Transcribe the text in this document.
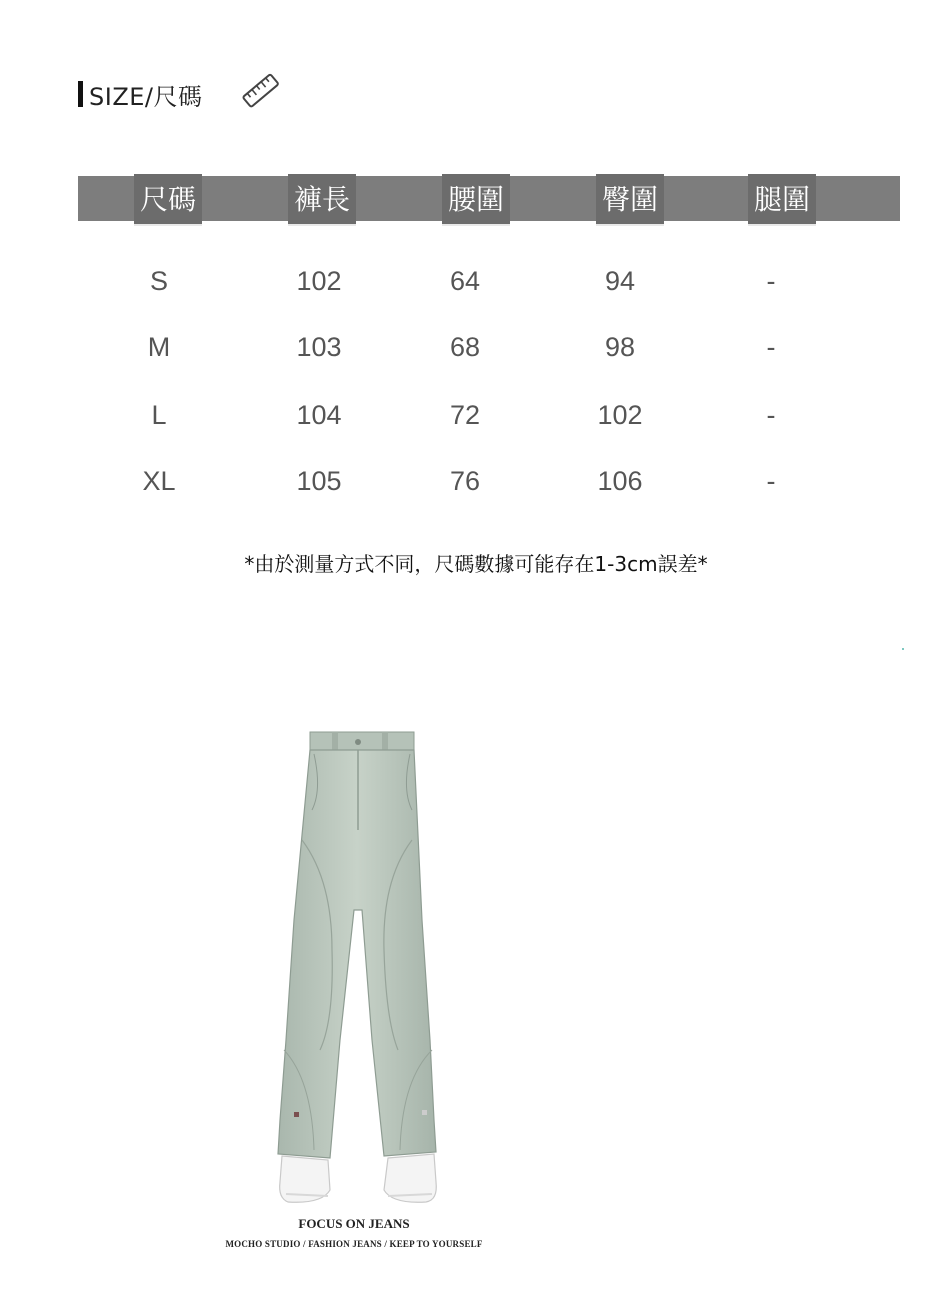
SIZE/尺碼
尺碼	褲長	腰圍	臀圍	腿圍
S	102	64	94	-
M	103	68	98	-
L	104	72	102	-
XL	105	76	106	-
*由於測量方式不同，尺碼數據可能存在1-3cm誤差*
FOCUS ON JEANS
MOCHO STUDIO / FASHION JEANS / KEEP TO YOURSELF
